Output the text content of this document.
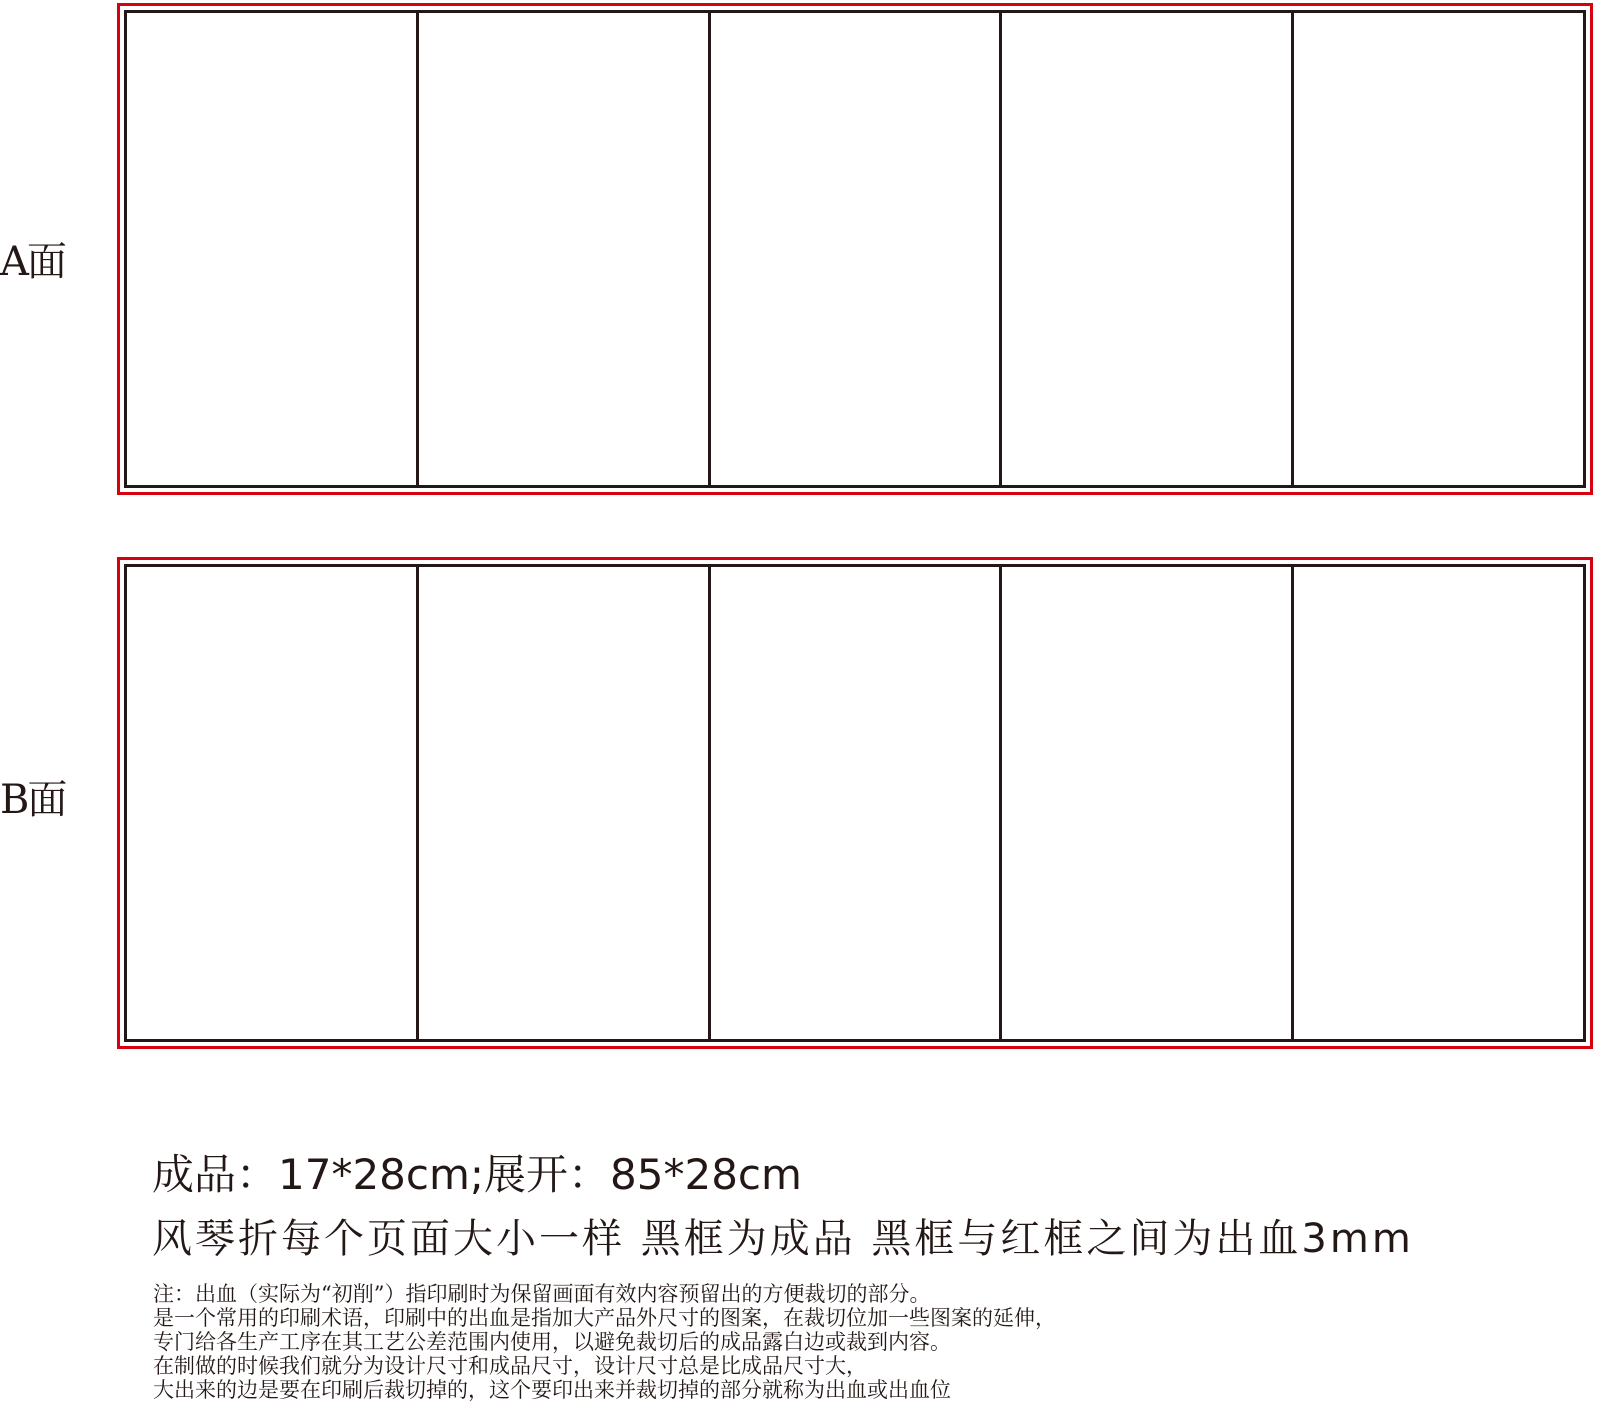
A面
B面
成品：17*28cm;展开：85*28cm
风琴折每个页面大小一样 黑框为成品 黑框与红框之间为出血3mm
注：出血（实际为“初削”）指印刷时为保留画面有效内容预留出的方便裁切的部分。
是一个常用的印刷术语，印刷中的出血是指加大产品外尺寸的图案，在裁切位加一些图案的延伸，
专门给各生产工序在其工艺公差范围内使用，以避免裁切后的成品露白边或裁到内容。
在制做的时候我们就分为设计尺寸和成品尺寸，设计尺寸总是比成品尺寸大，
大出来的边是要在印刷后裁切掉的，这个要印出来并裁切掉的部分就称为出血或出血位
